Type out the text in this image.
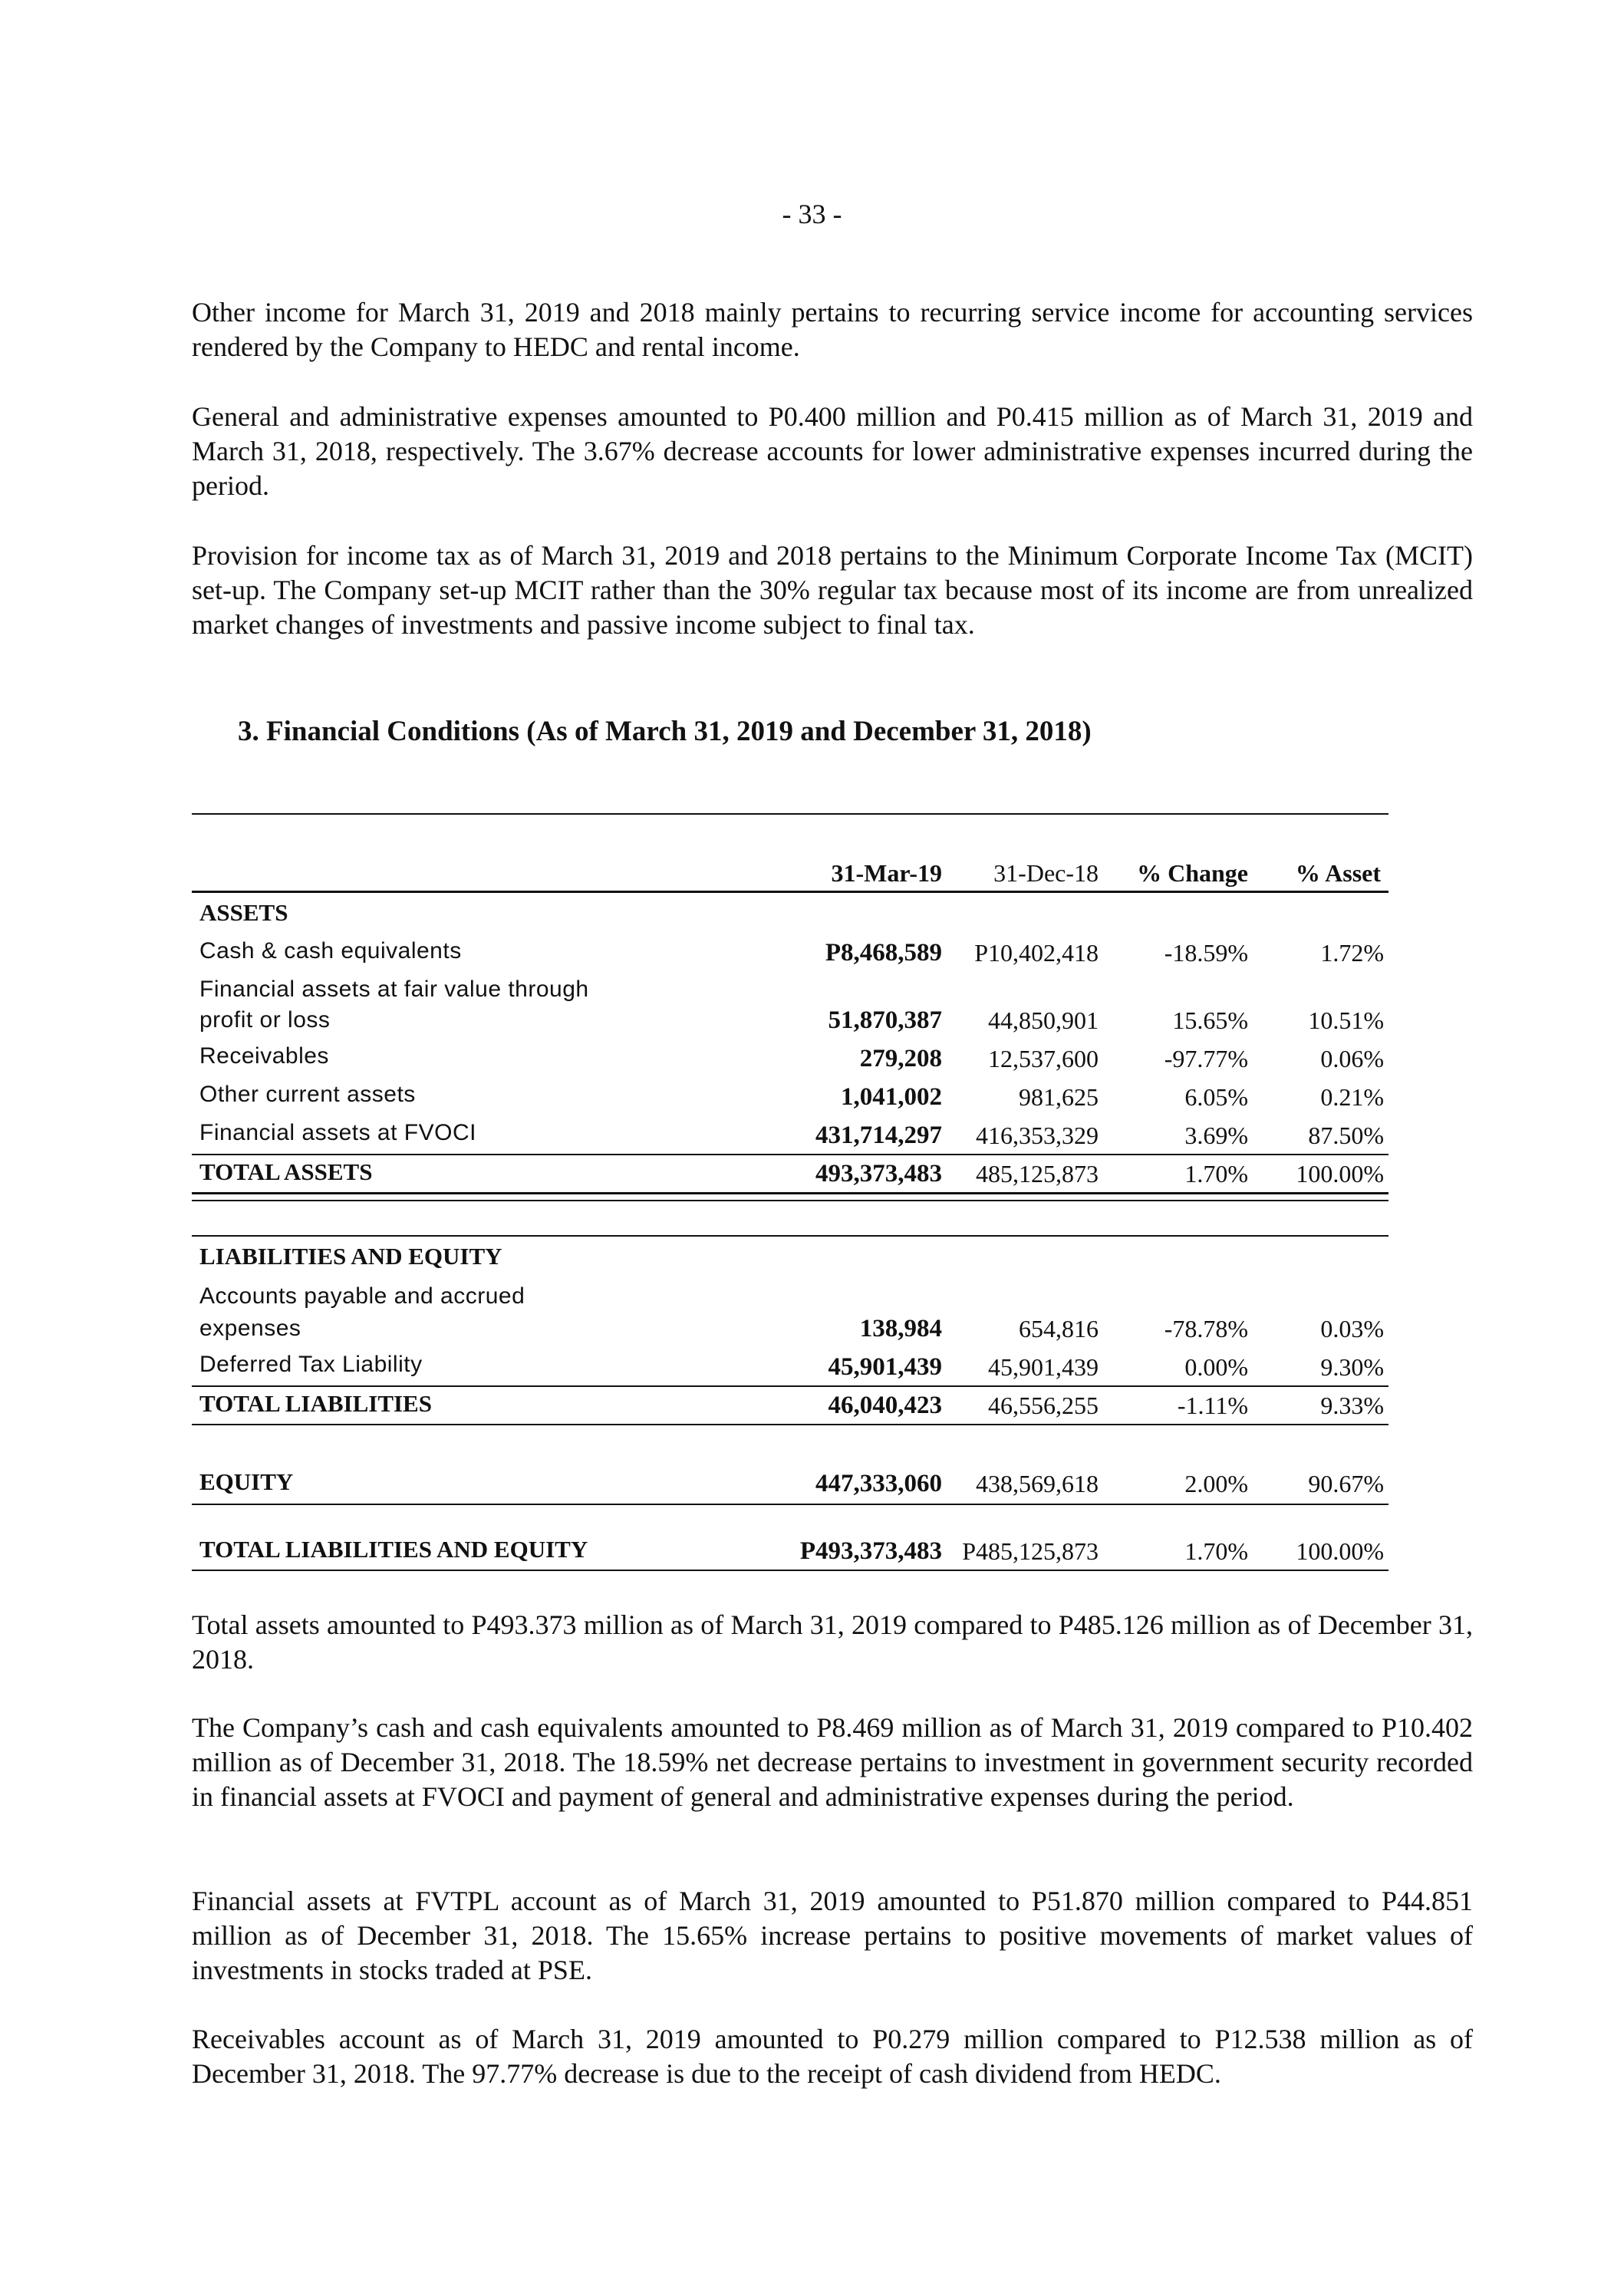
- 33 -

Other income for March 31, 2019 and 2018 mainly pertains to recurring service income for accounting services rendered by the Company to HEDC and rental income.

General and administrative expenses amounted to P0.400 million and P0.415 million as of March 31, 2019 and March 31, 2018, respectively. The 3.67% decrease accounts for lower administrative expenses incurred during the period.

Provision for income tax as of March 31, 2019 and 2018 pertains to the Minimum Corporate Income Tax (MCIT) set-up. The Company set-up MCIT rather than the 30% regular tax because most of its income are from unrealized market changes of investments and passive income subject to final tax.

3. Financial Conditions (As of March 31, 2019 and December 31, 2018)
31-Mar-19 31-Dec-18 % Change % Asset
ASSETS
Cash & cash equivalents	P8,468,589 P10,402,418	-18.59%	1.72%
Financial assets at fair value through
profit or loss	51,870,387 44,850,901	15.65% 10.51%
Receivables	279,208 12,537,600	-97.77%	0.06%
Other current assets	1,041,002	981,625	6.05%	0.21%
Financial assets at FVOCI	431,714,297 416,353,329	3.69% 87.50%
TOTAL ASSETS	493,373,483 485,125,873	1.70% 100.00%
LIABILITIES AND EQUITY
Accounts payable and accrued
expenses	138,984	654,816	-78.78%	0.03%
Deferred Tax Liability	45,901,439 45,901,439	0.00%	9.30%
TOTAL LIABILITIES	46,040,423 46,556,255	-1.11%	9.33%
EQUITY	447,333,060 438,569,618	2.00% 90.67%
TOTAL LIABILITIES AND EQUITY	P493,373,483 P485,125,873	1.70% 100.00%

Total assets amounted to P493.373 million as of March 31, 2019 compared to P485.126 million as of December 31, 2018.

The Company’s cash and cash equivalents amounted to P8.469 million as of March 31, 2019 compared to P10.402 million as of December 31, 2018. The 18.59% net decrease pertains to investment in government security recorded in financial assets at FVOCI and payment of general and administrative expenses during the period.

Financial assets at FVTPL account as of March 31, 2019 amounted to P51.870 million compared to P44.851 million as of December 31, 2018. The 15.65% increase pertains to positive movements of market values of investments in stocks traded at PSE.

Receivables account as of March 31, 2019 amounted to P0.279 million compared to P12.538 million as of December 31, 2018. The 97.77% decrease is due to the receipt of cash dividend from HEDC.
